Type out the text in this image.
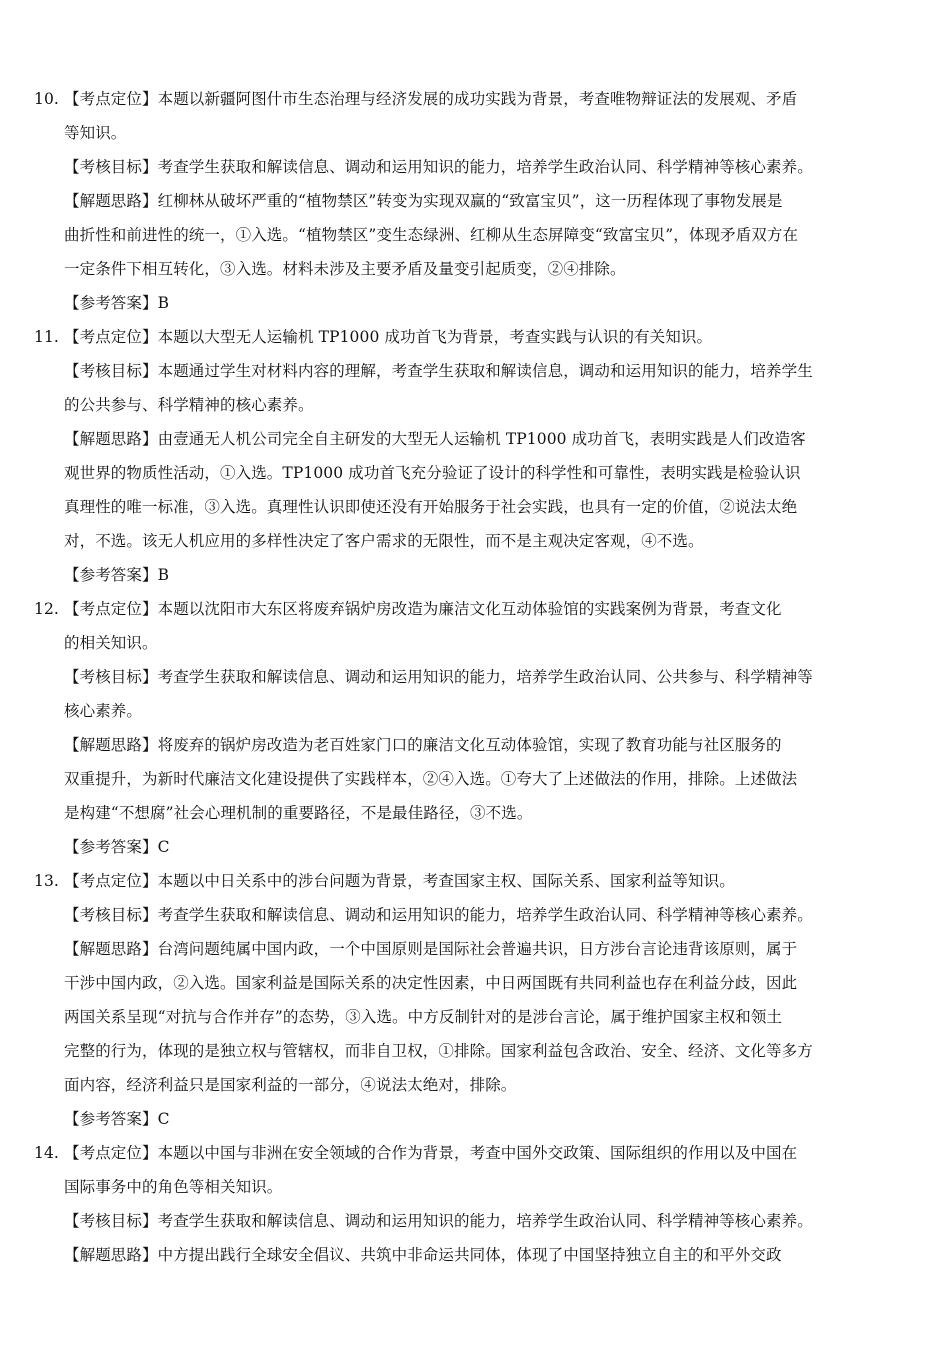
10. 【考点定位】本题以新疆阿图什市生态治理与经济发展的成功实践为背景，考查唯物辩证法的发展观、矛盾
等知识。
【考核目标】考查学生获取和解读信息、调动和运用知识的能力，培养学生政治认同、科学精神等核心素养。
【解题思路】红柳林从破坏严重的“植物禁区”转变为实现双赢的“致富宝贝”，这一历程体现了事物发展是
曲折性和前进性的统一，①入选。“植物禁区”变生态绿洲、红柳从生态屏障变“致富宝贝”，体现矛盾双方在
一定条件下相互转化，③入选。材料未涉及主要矛盾及量变引起质变，②④排除。
【参考答案】B
11. 【考点定位】本题以大型无人运输机 TP1000 成功首飞为背景，考查实践与认识的有关知识。
【考核目标】本题通过学生对材料内容的理解，考查学生获取和解读信息，调动和运用知识的能力，培养学生
的公共参与、科学精神的核心素养。
【解题思路】由壹通无人机公司完全自主研发的大型无人运输机 TP1000 成功首飞，表明实践是人们改造客
观世界的物质性活动，①入选。TP1000 成功首飞充分验证了设计的科学性和可靠性，表明实践是检验认识
真理性的唯一标准，③入选。真理性认识即使还没有开始服务于社会实践，也具有一定的价值，②说法太绝
对，不选。该无人机应用的多样性决定了客户需求的无限性，而不是主观决定客观，④不选。
【参考答案】B
12. 【考点定位】本题以沈阳市大东区将废弃锅炉房改造为廉洁文化互动体验馆的实践案例为背景，考查文化
的相关知识。
【考核目标】考查学生获取和解读信息、调动和运用知识的能力，培养学生政治认同、公共参与、科学精神等
核心素养。
【解题思路】将废弃的锅炉房改造为老百姓家门口的廉洁文化互动体验馆，实现了教育功能与社区服务的
双重提升，为新时代廉洁文化建设提供了实践样本，②④入选。①夸大了上述做法的作用，排除。上述做法
是构建“不想腐”社会心理机制的重要路径，不是最佳路径，③不选。
【参考答案】C
13. 【考点定位】本题以中日关系中的涉台问题为背景，考查国家主权、国际关系、国家利益等知识。
【考核目标】考查学生获取和解读信息、调动和运用知识的能力，培养学生政治认同、科学精神等核心素养。
【解题思路】台湾问题纯属中国内政，一个中国原则是国际社会普遍共识，日方涉台言论违背该原则，属于
干涉中国内政，②入选。国家利益是国际关系的决定性因素，中日两国既有共同利益也存在利益分歧，因此
两国关系呈现“对抗与合作并存”的态势，③入选。中方反制针对的是涉台言论，属于维护国家主权和领土
完整的行为，体现的是独立权与管辖权，而非自卫权，①排除。国家利益包含政治、安全、经济、文化等多方
面内容，经济利益只是国家利益的一部分，④说法太绝对，排除。
【参考答案】C
14. 【考点定位】本题以中国与非洲在安全领域的合作为背景，考查中国外交政策、国际组织的作用以及中国在
国际事务中的角色等相关知识。
【考核目标】考查学生获取和解读信息、调动和运用知识的能力，培养学生政治认同、科学精神等核心素养。
【解题思路】中方提出践行全球安全倡议、共筑中非命运共同体，体现了中国坚持独立自主的和平外交政
